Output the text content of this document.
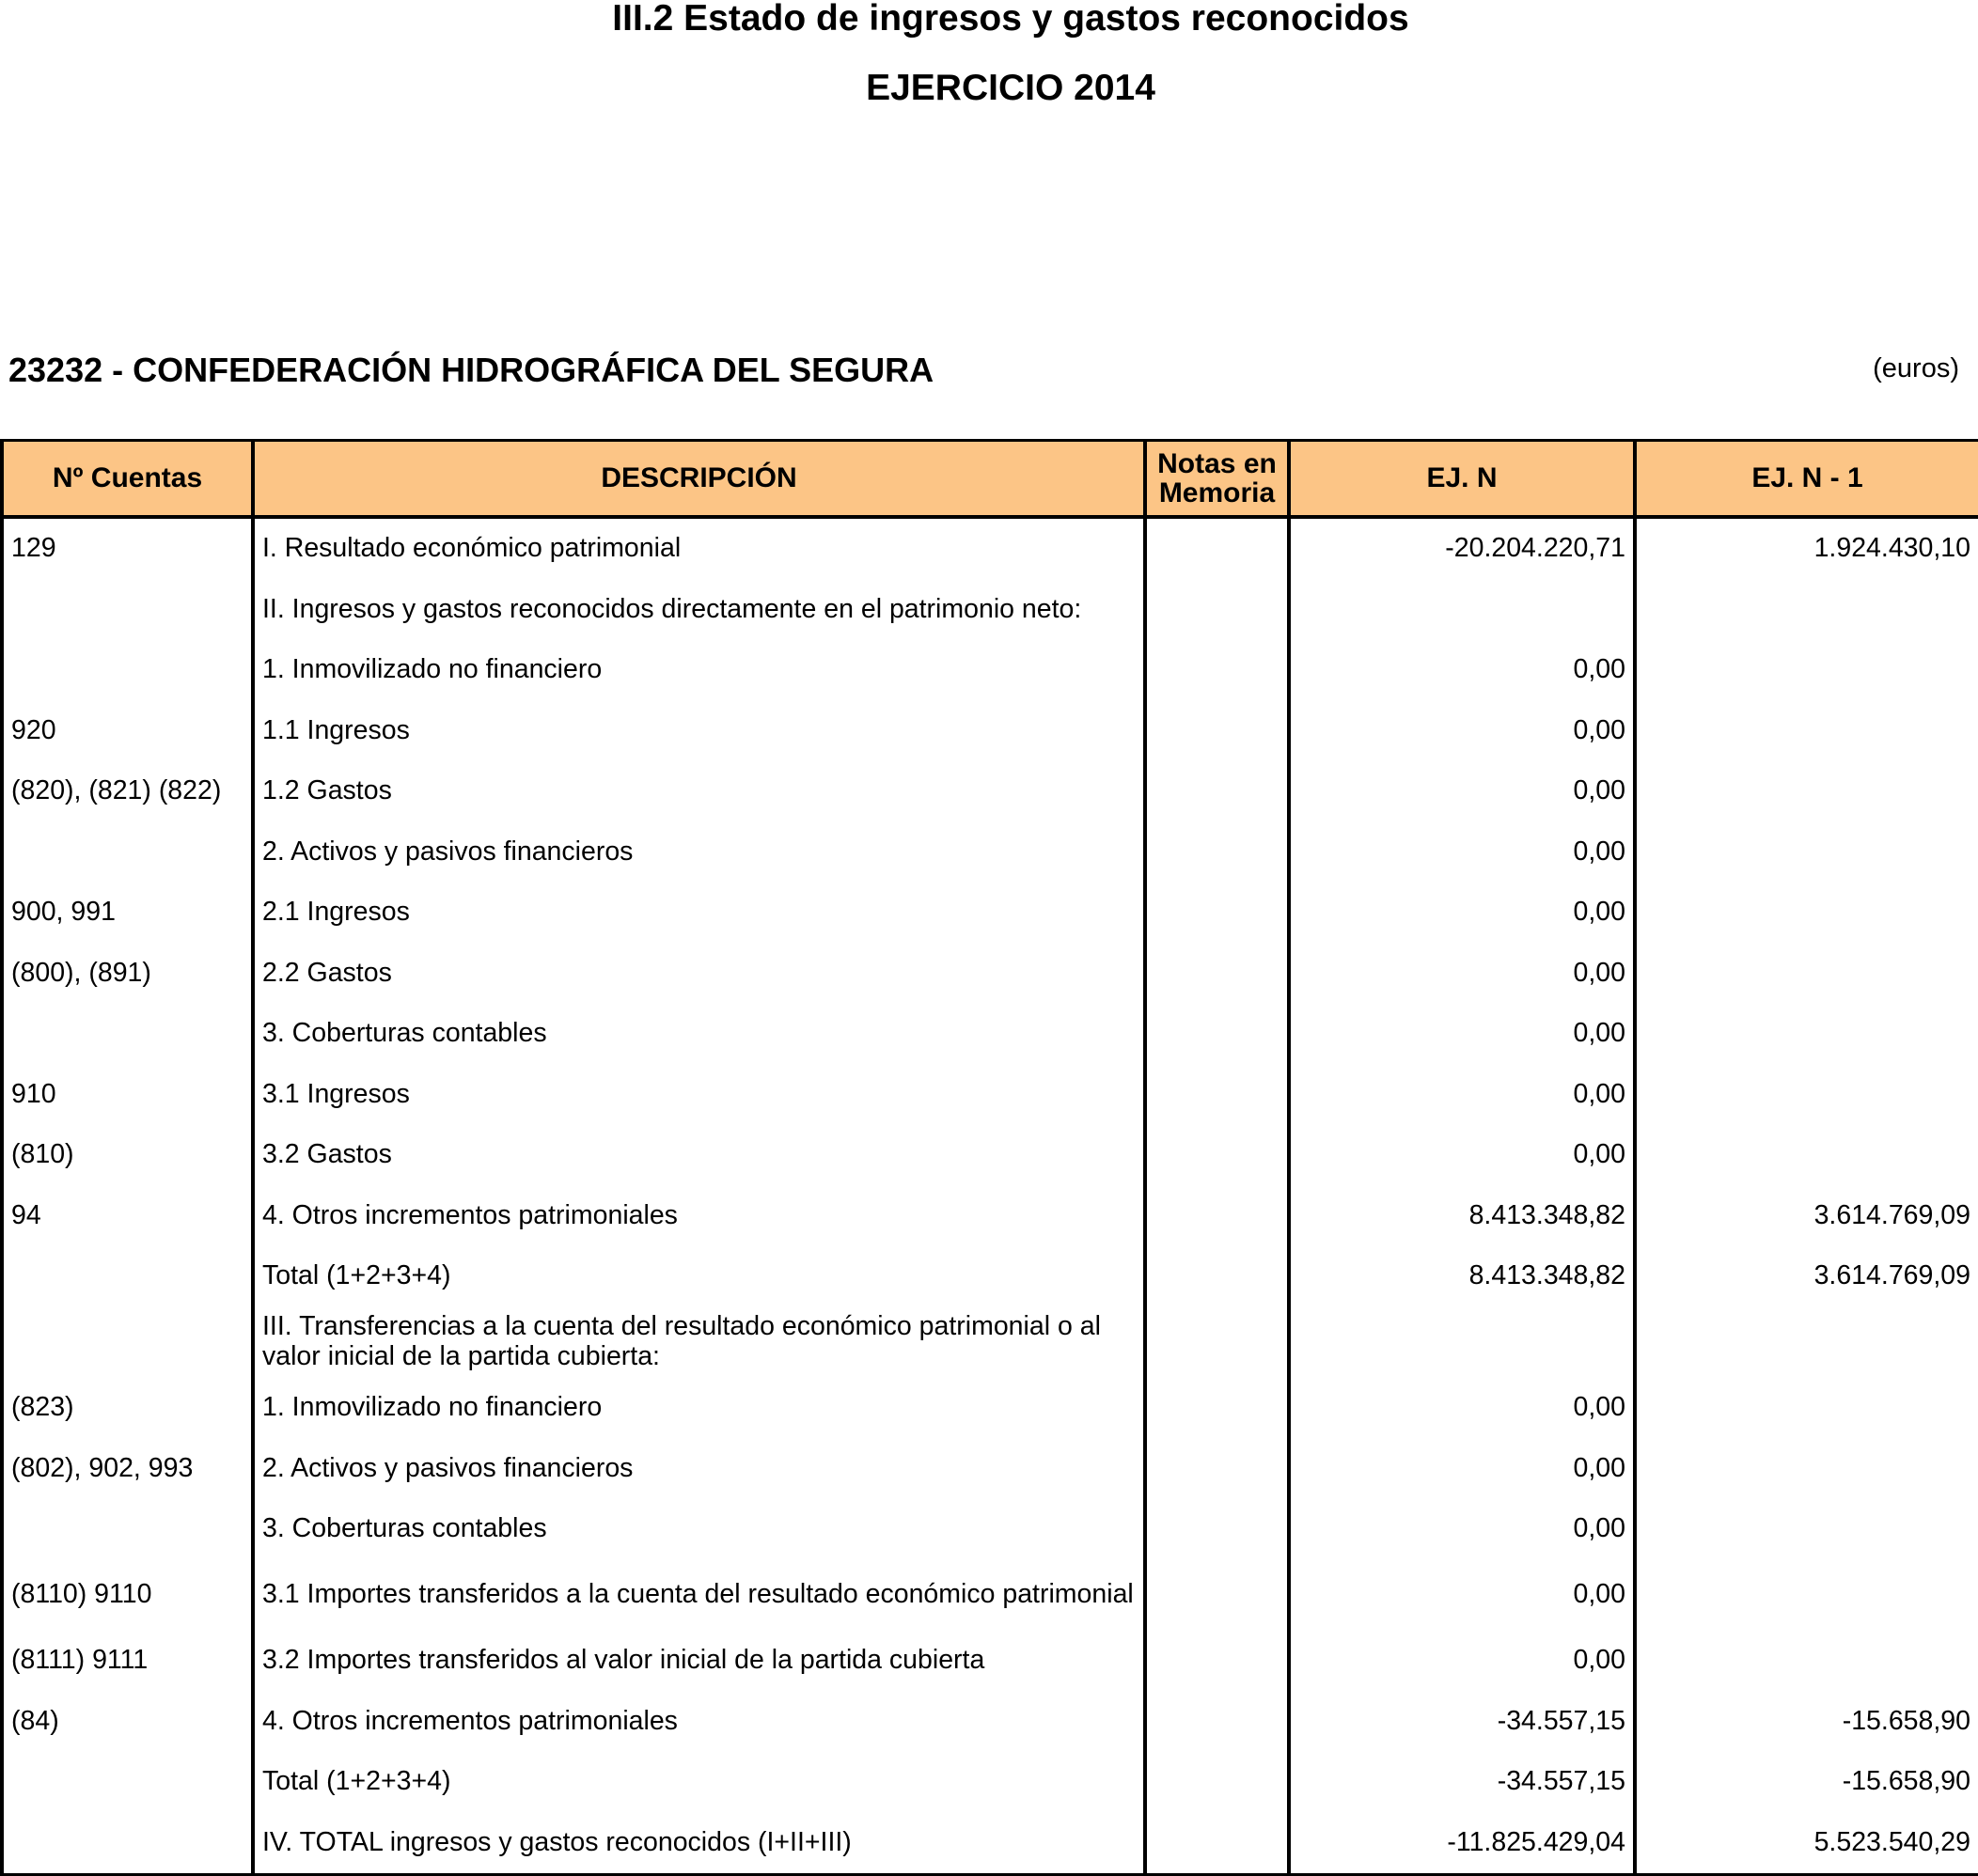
III.2 Estado de ingresos y gastos reconocidos
EJERCICIO 2014
23232 - CONFEDERACIÓN HIDROGRÁFICA DEL SEGURA	(euros)
Nº Cuentas	DESCRIPCIÓN	Notas en Memoria	EJ. N	EJ. N - 1
129	I. Resultado económico patrimonial		-20.204.220,71	1.924.430,10
	II. Ingresos y gastos reconocidos directamente en el patrimonio neto:			
	1. Inmovilizado no financiero		0,00	
920	1.1 Ingresos		0,00	
(820), (821) (822)	1.2 Gastos		0,00	
	2. Activos y pasivos financieros		0,00	
900, 991	2.1 Ingresos		0,00	
(800), (891)	2.2 Gastos		0,00	
	3. Coberturas contables		0,00	
910	3.1 Ingresos		0,00	
(810)	3.2 Gastos		0,00	
94	4. Otros incrementos patrimoniales		8.413.348,82	3.614.769,09
	Total (1+2+3+4)		8.413.348,82	3.614.769,09
	III. Transferencias a la cuenta del resultado económico patrimonial o al valor inicial de la partida cubierta:			
(823)	1. Inmovilizado no financiero		0,00	
(802), 902, 993	2. Activos y pasivos financieros		0,00	
	3. Coberturas contables		0,00	
(8110) 9110	3.1 Importes transferidos a la cuenta del resultado económico patrimonial		0,00	
(8111) 9111	3.2 Importes transferidos al valor inicial de la partida cubierta		0,00	
(84)	4. Otros incrementos patrimoniales		-34.557,15	-15.658,90
	Total (1+2+3+4)		-34.557,15	-15.658,90
	IV. TOTAL ingresos y gastos reconocidos (I+II+III)		-11.825.429,04	5.523.540,29
